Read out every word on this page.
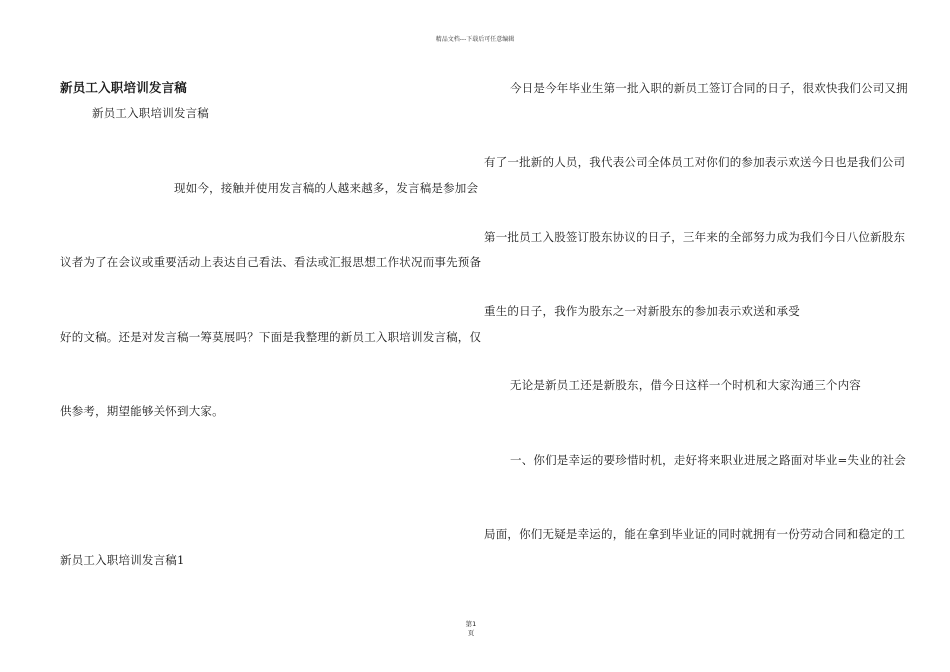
精品文档---下载后可任意编辑
新员工入职培训发言稿
新员工入职培训发言稿
现如今，接触并使用发言稿的人越来越多，发言稿是参加会
议者为了在会议或重要活动上表达自己看法、看法或汇报思想工作状况而事先预备
好的文稿。还是对发言稿一筹莫展吗？下面是我整理的新员工入职培训发言稿，仅
供参考，期望能够关怀到大家。
新员工入职培训发言稿1
今日是今年毕业生第一批入职的新员工签订合同的日子，很欢快我们公司又拥
有了一批新的人员，我代表公司全体员工对你们的参加表示欢送今日也是我们公司
第一批员工入股签订股东协议的日子，三年来的全部努力成为我们今日八位新股东
重生的日子，我作为股东之一对新股东的参加表示欢送和承受
无论是新员工还是新股东，借今日这样一个时机和大家沟通三个内容
一、你们是幸运的要珍惜时机，走好将来职业进展之路面对毕业=失业的社会
局面，你们无疑是幸运的，能在拿到毕业证的同时就拥有一份劳动合同和稳定的工
第1
页
